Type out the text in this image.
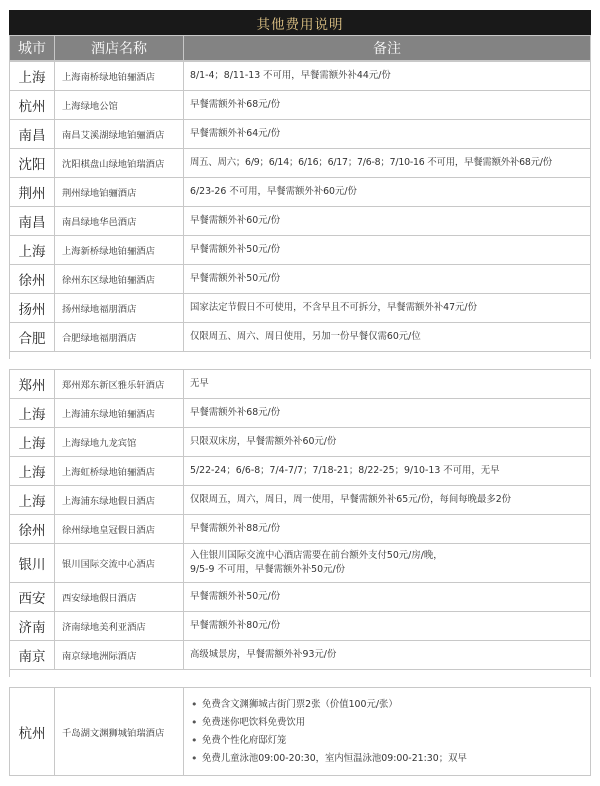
其他费用说明
城市	酒店名称	备注
上海	上海南桥绿地铂骊酒店	8/1-4；8/11-13 不可用，早餐需额外补44元/份
杭州	上海绿地公馆	早餐需额外补68元/份
南昌	南昌艾溪湖绿地铂骊酒店	早餐需额外补64元/份
沈阳	沈阳棋盘山绿地铂瑞酒店	周五、周六；6/9；6/14；6/16；6/17；7/6-8；7/10-16 不可用，早餐需额外补68元/份
荆州	荆州绿地铂骊酒店	6/23-26 不可用，早餐需额外补60元/份
南昌	南昌绿地华邑酒店	早餐需额外补60元/份
上海	上海新桥绿地铂骊酒店	早餐需额外补50元/份
徐州	徐州东区绿地铂骊酒店	早餐需额外补50元/份
扬州	扬州绿地福朋酒店	国家法定节假日不可使用，不含早且不可拆分，早餐需额外补47元/份
合肥	合肥绿地福朋酒店	仅限周五、周六、周日使用，另加一份早餐仅需60元/位
郑州	郑州郑东新区雅乐轩酒店	无早
上海	上海浦东绿地铂骊酒店	早餐需额外补68元/份
上海	上海绿地九龙宾馆	只限双床房，早餐需额外补60元/份
上海	上海虹桥绿地铂骊酒店	5/22-24；6/6-8；7/4-7/7；7/18-21；8/22-25；9/10-13 不可用，无早
上海	上海浦东绿地假日酒店	仅限周五，周六，周日，周一使用，早餐需额外补65元/份，每间每晚最多2份
徐州	徐州绿地皇冠假日酒店	早餐需额外补88元/份
银川	银川国际交流中心酒店	入住银川国际交流中心酒店需要在前台额外支付50元/房/晚，
9/5-9 不可用，早餐需额外补50元/份

西安	西安绿地假日酒店	早餐需额外补50元/份
济南	济南绿地美利亚酒店	早餐需额外补80元/份
南京	南京绿地洲际酒店	高级城景房，早餐需额外补93元/份
杭州	千岛湖文渊狮城铂瑞酒店	
• 免费含文渊狮城古街门票2张（价值100元/张）
• 免费迷你吧饮料免费饮用
• 免费个性化府邸灯笼
• 免费儿童泳池09:00-20:30，室内恒温泳池09:00-21:30；双早
